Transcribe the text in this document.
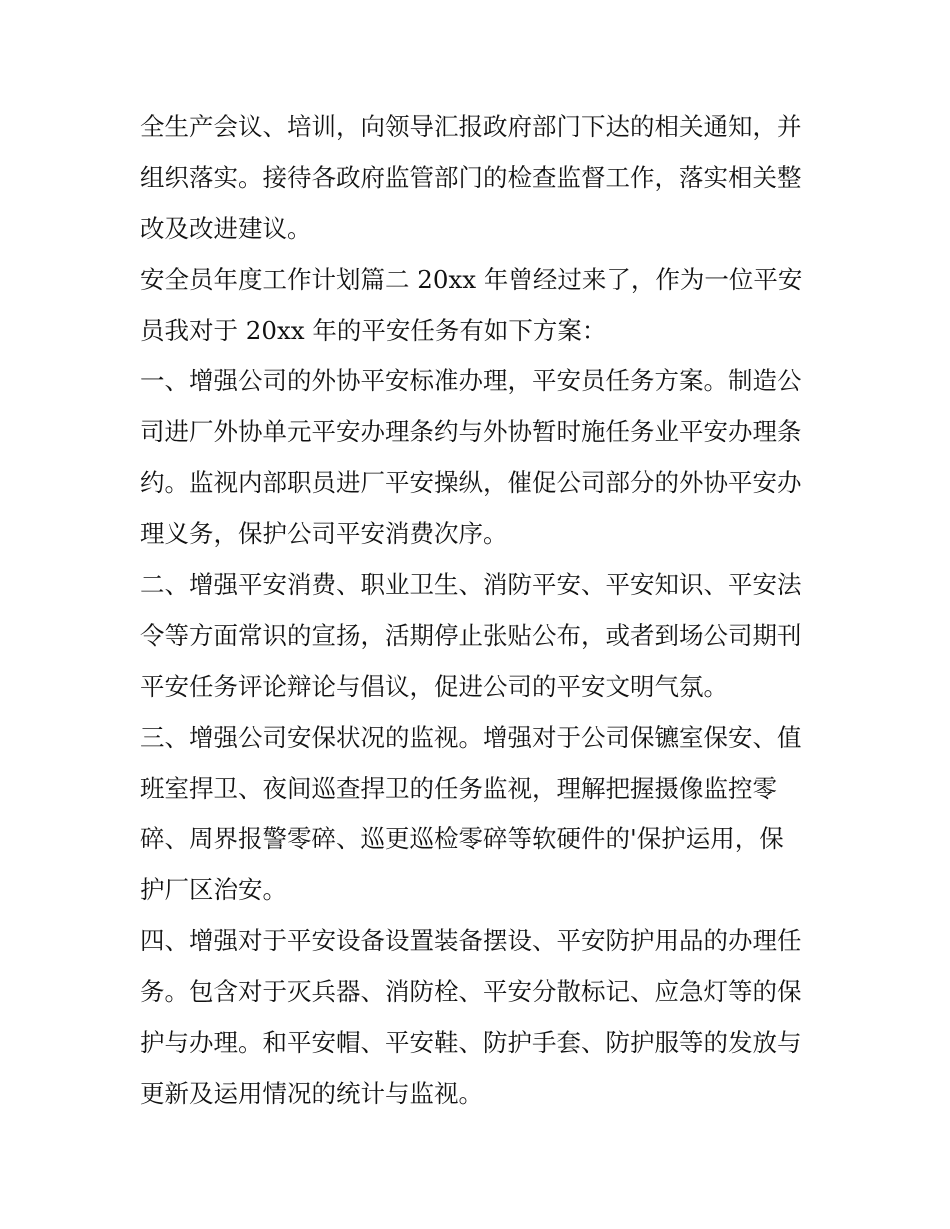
全生产会议、培训，向领导汇报政府部门下达的相关通知，并
组织落实。接待各政府监管部门的检查监督工作，落实相关整
改及改进建议。
安全员年度工作计划篇二 20xx 年曾经过来了，作为一位平安
员我对于 20xx 年的平安任务有如下方案：
一、增强公司的外协平安标准办理，平安员任务方案。制造公
司进厂外协单元平安办理条约与外协暂时施任务业平安办理条
约。监视内部职员进厂平安操纵，催促公司部分的外协平安办
理义务，保护公司平安消费次序。
二、增强平安消费、职业卫生、消防平安、平安知识、平安法
令等方面常识的宣扬，活期停止张贴公布，或者到场公司期刊
平安任务评论辩论与倡议，促进公司的平安文明气氛。
三、增强公司安保状况的监视。增强对于公司保镳室保安、值
班室捍卫、夜间巡查捍卫的任务监视，理解把握摄像监控零
碎、周界报警零碎、巡更巡检零碎等软硬件的'保护运用，保
护厂区治安。
四、增强对于平安设备设置装备摆设、平安防护用品的办理任
务。包含对于灭兵器、消防栓、平安分散标记、应急灯等的保
护与办理。和平安帽、平安鞋、防护手套、防护服等的发放与
更新及运用情况的统计与监视。
